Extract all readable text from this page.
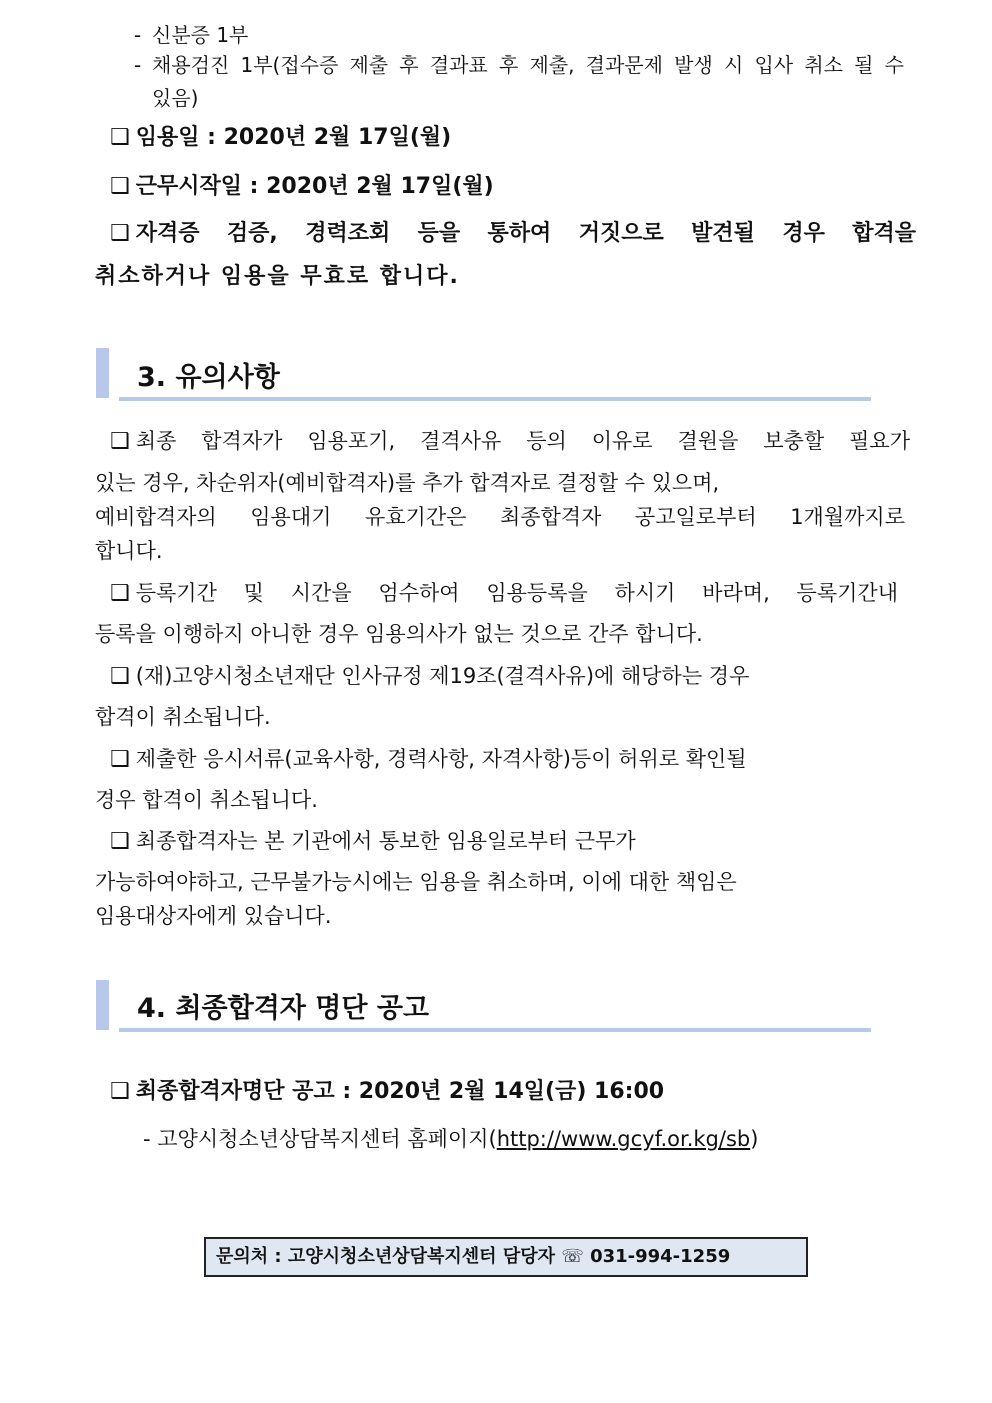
- 신분증 1부
- 채용검진 1부(접수증 제출 후 결과표 후 제출, 결과문제 발생 시 입사 취소 될 수
있음)
❑ 임용일 : 2020년 2월 17일(월)
❑ 근무시작일 : 2020년 2월 17일(월)
❑ 자격증 검증, 경력조회 등을 통하여 거짓으로 발견될 경우 합격을
취소하거나 임용을 무효로 합니다.
3. 유의사항
❑ 최종 합격자가 임용포기, 결격사유 등의 이유로 결원을 보충할 필요가
있는 경우, 차순위자(예비합격자)를 추가 합격자로 결정할 수 있으며,
예비합격자의 임용대기 유효기간은 최종합격자 공고일로부터 1개월까지로
합니다.
❑ 등록기간 및 시간을 엄수하여 임용등록을 하시기 바라며, 등록기간내
등록을 이행하지 아니한 경우 임용의사가 없는 것으로 간주 합니다.
❑ (재)고양시청소년재단 인사규정 제19조(결격사유)에 해당하는 경우
합격이 취소됩니다.
❑ 제출한 응시서류(교육사항, 경력사항, 자격사항)등이 허위로 확인될
경우 합격이 취소됩니다.
❑ 최종합격자는 본 기관에서 통보한 임용일로부터 근무가
가능하여야하고, 근무불가능시에는 임용을 취소하며, 이에 대한 책임은
임용대상자에게 있습니다.
4. 최종합격자 명단 공고
❑ 최종합격자명단 공고 : 2020년 2월 14일(금) 16:00
- 고양시청소년상담복지센터 홈페이지(http://www.gcyf.or.kg/sb)
문의처 : 고양시청소년상담복지센터 담당자 ☏ 031-994-1259
